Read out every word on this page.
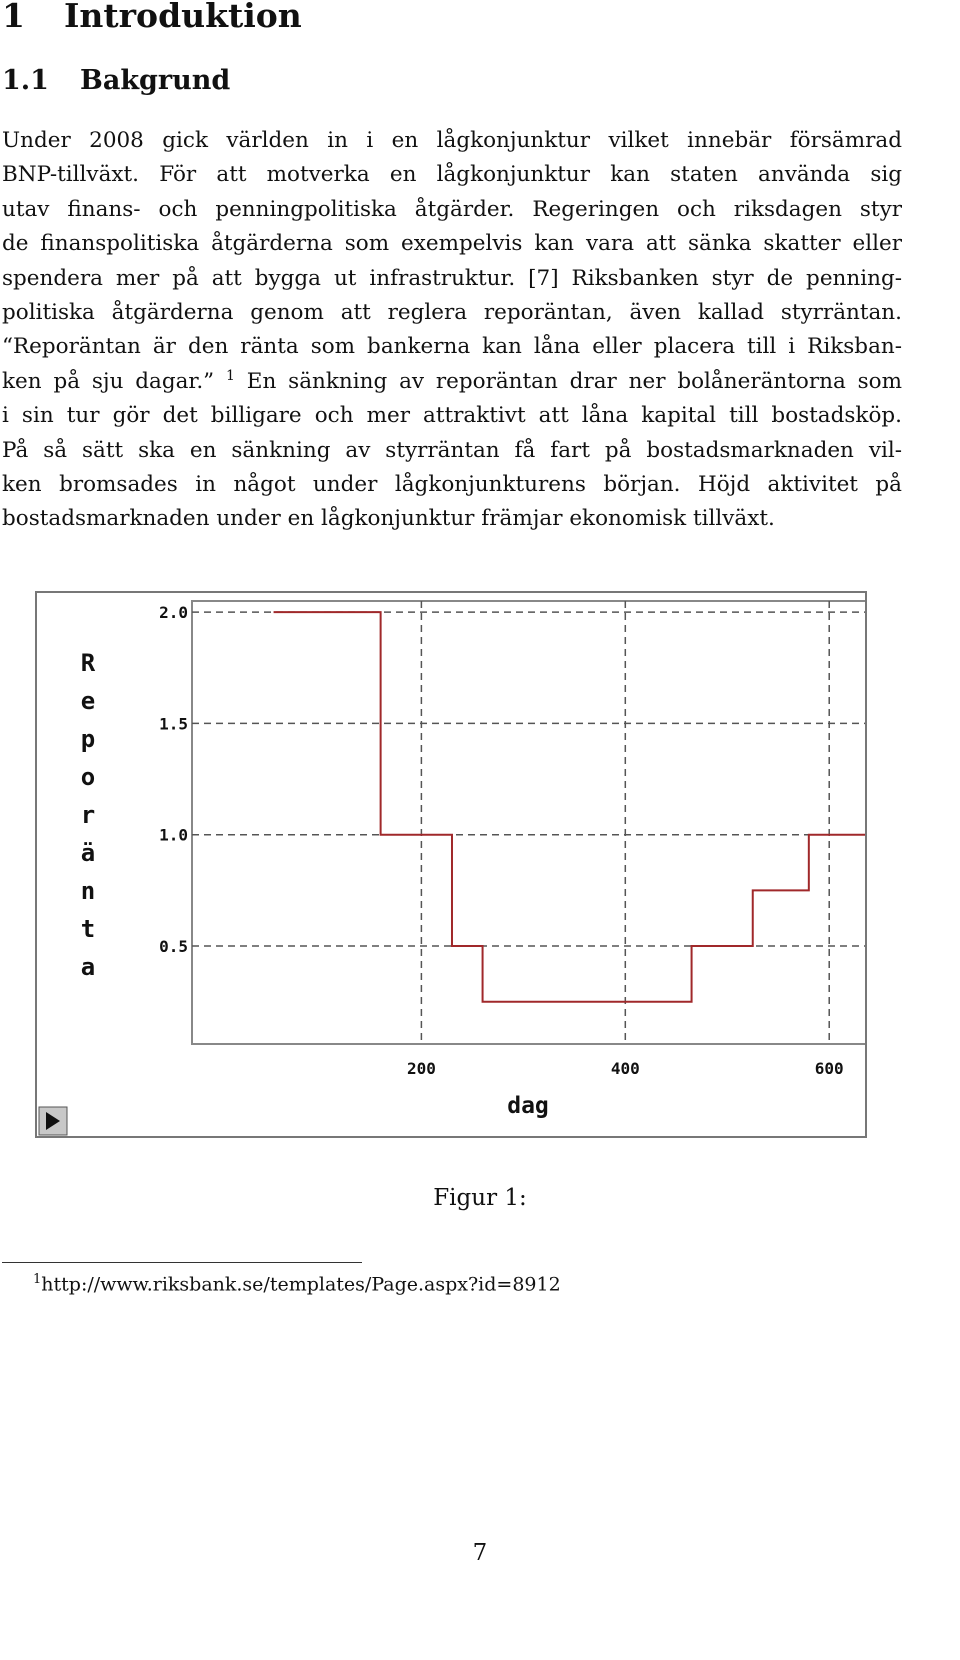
1 Introduktion
1.1 Bakgrund
Under 2008 gick världen in i en lågkonjunktur vilket innebär försämrad
BNP-tillväxt. För att motverka en lågkonjunktur kan staten använda sig
utav finans- och penningpolitiska åtgärder. Regeringen och riksdagen styr
de finanspolitiska åtgärderna som exempelvis kan vara att sänka skatter eller
spendera mer på att bygga ut infrastruktur. [7] Riksbanken styr de penning-
politiska åtgärderna genom att reglera reporäntan, även kallad styrräntan.
“Reporäntan är den ränta som bankerna kan låna eller placera till i Riksban-
ken på sju dagar.” $^1$ En sänkning av reporäntan drar ner bolåneräntorna som
i sin tur gör det billigare och mer attraktivt att låna kapital till bostadsköp.
På så sätt ska en sänkning av styrräntan få fart på bostadsmarknaden vil-
ken bromsades in något under lågkonjunkturens början. Höjd aktivitet på
bostadsmarknaden under en lågkonjunktur främjar ekonomisk tillväxt.
0.5
1.0
1.5
2.0
200	400	600
R
e
p
o
r
ä
n
t
a
dag
Figur 1:
$^1$http://www.riksbank.se/templates/Page.aspx?id=8912
7
